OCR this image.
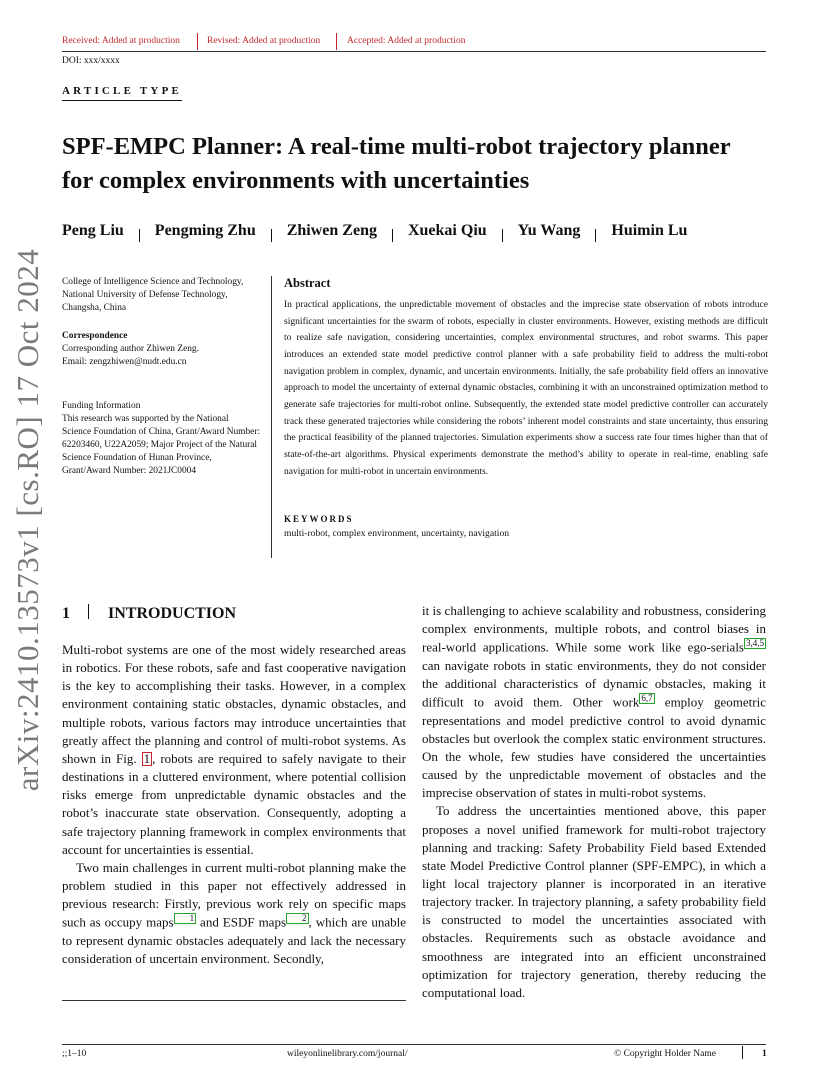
Received: Added at production	Revised: Added at production	Accepted: Added at production
DOI: xxx/xxxx
ARTICLE TYPE
arXiv:2410.13573v1 [cs.RO] 17 Oct 2024
SPF-EMPC Planner: A real-time multi-robot trajectory planner
for complex environments with uncertainties
Peng Liu Pengming Zhu Zhiwen Zeng Xuekai Qiu Yu Wang Huimin Lu
College of Intelligence Science and Technology,
National University of Defense Technology,
Changsha, China
Correspondence
Corresponding author Zhiwen Zeng.
Email: zengzhiwen@nudt.edu.cn
Funding Information
This research was supported by the National
Science Foundation of China, Grant/Award Number:
62203460, U22A2059; Major Project of the Natural
Science Foundation of Hunan Province,
Grant/Award Number: 2021JC0004
Abstract
In practical applications, the unpredictable movement of obstacles and the imprecise state observation of robots introduce significant uncertainties for the swarm of robots, especially in cluster environments. However, existing methods are difficult to realize safe navigation, considering uncertainties, complex environmental structures, and robot swarms. This paper introduces an extended state model predictive control planner with a safe probability field to address the multi-robot navigation problem in complex, dynamic, and uncertain environments. Initially, the safe probability field offers an innovative approach to model the uncertainty of external dynamic obstacles, combining it with an unconstrained optimization method to generate safe trajectories for multi-robot online. Subsequently, the extended state model predictive controller can accurately track these generated trajectories while considering the robots’ inherent model constraints and state uncertainty, thus ensuring the practical feasibility of the planned trajectories. Simulation experiments show a success rate four times higher than that of state-of-the-art algorithms. Physical experiments demonstrate the method’s ability to operate in real-time, enabling safe navigation for multi-robot in uncertain environments.
KEYWORDS
multi-robot, complex environment, uncertainty, navigation
1 INTRODUCTION

Multi-robot systems are one of the most widely researched areas in robotics. For these robots, safe and fast cooperative navigation is the key to accomplishing their tasks. However, in a complex environment containing static obstacles, dynamic obstacles, and multiple robots, various factors may introduce uncertainties that greatly affect the planning and control of multi-robot systems. As shown in Fig. 1 , robots are required to safely navigate to their destinations in a cluttered environment, where potential collision risks emerge from unpredictable dynamic obstacles and the robot’s inaccurate state observation. Consequently, adopting a safe trajectory planning framework in complex environments that account for uncertainties is essential.

Two main challenges in current multi-robot planning make the problem studied in this paper not effectively addressed in previous research: Firstly, previous work rely on specific maps such as occupy maps 1 and ESDF maps 2 , which are unable to represent dynamic obstacles adequately and lack the necessary consideration of uncertain environment. Secondly,

it is challenging to achieve scalability and robustness, considering complex environments, multiple robots, and control biases in real-world applications. While some work like ego-serials 3,4,5 can navigate robots in static environments, they do not consider the additional characteristics of dynamic obstacles, making it difficult to avoid them. Other work 6,7 employ geometric representations and model predictive control to avoid dynamic obstacles but overlook the complex static environment structures. On the whole, few studies have considered the uncertainties caused by the unpredictable movement of obstacles and the imprecise observation of states in multi-robot systems.

To address the uncertainties mentioned above, this paper proposes a novel unified framework for multi-robot trajectory planning and tracking: Safety Probability Field based Extended state Model Predictive Control planner (SPF-EMPC), in which a light local trajectory planner is incorporated in an iterative trajectory tracker. In trajectory planning, a safety probability field is constructed to model the uncertainties associated with obstacles. Requirements such as obstacle avoidance and smoothness are integrated into an efficient unconstrained optimization for trajectory generation, thereby reducing the computational load.

;;1–10	wileyonlinelibrary.com/journal/	© Copyright Holder Name	1
